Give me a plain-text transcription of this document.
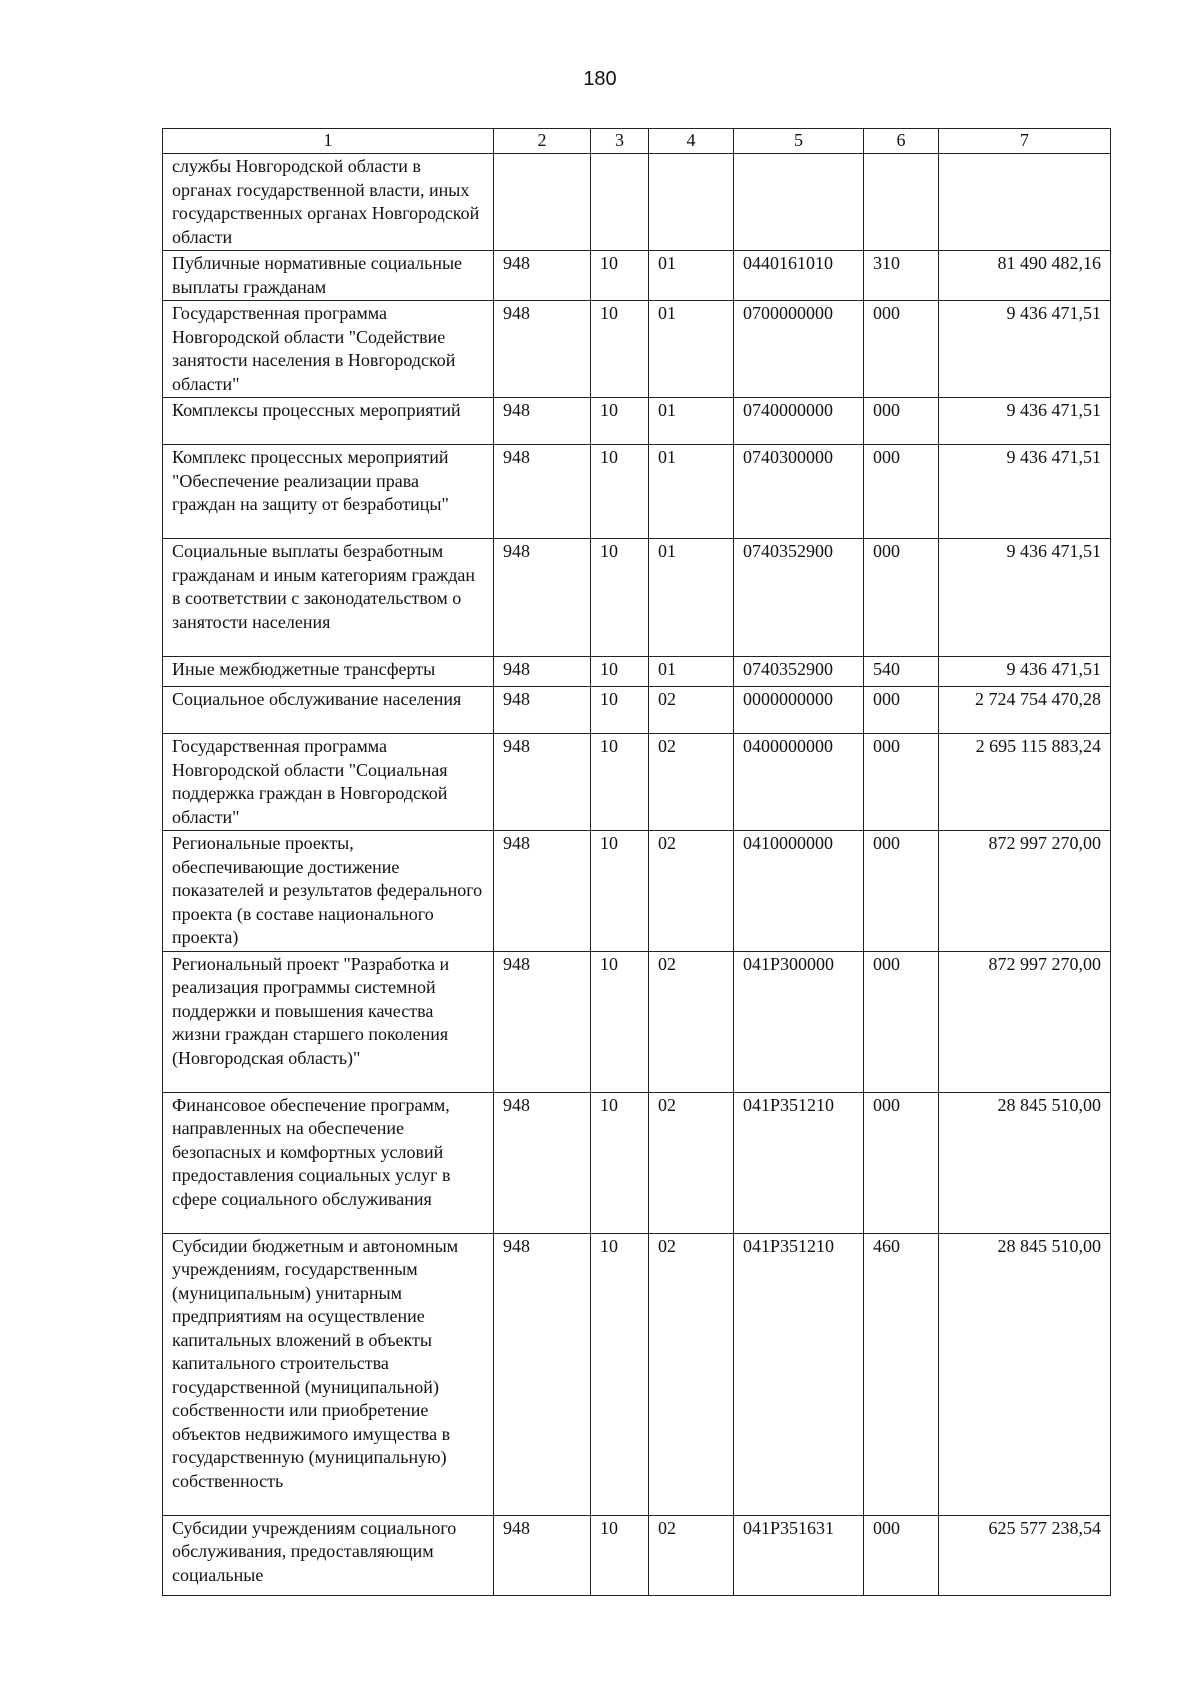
180
1	2	3	4	5	6	7
службы Новгородской области в органах государственной власти, иных государственных органах Новгородской области						
Публичные нормативные социальные выплаты гражданам	948	10	01	0440161010	310	81 490 482,16
Государственная программа Новгородской области "Содействие занятости населения в Новгородской области"	948	10	01	0700000000	000	9 436 471,51
Комплексы процессных мероприятий	948	10	01	0740000000	000	9 436 471,51
Комплекс процессных мероприятий "Обеспечение реализации права граждан на защиту от безработицы"	948	10	01	0740300000	000	9 436 471,51
Социальные выплаты безработным гражданам и иным категориям граждан в соответствии с законодательством о занятости населения	948	10	01	0740352900	000	9 436 471,51
Иные межбюджетные трансферты	948	10	01	0740352900	540	9 436 471,51
Социальное обслуживание населения	948	10	02	0000000000	000	2 724 754 470,28
Государственная программа Новгородской области "Социальная поддержка граждан в Новгородской области"	948	10	02	0400000000	000	2 695 115 883,24
Региональные проекты, обеспечивающие достижение показателей и результатов федерального проекта (в составе национального проекта)	948	10	02	0410000000	000	872 997 270,00
Региональный проект "Разработка и реализация программы системной поддержки и повышения качества жизни граждан старшего поколения (Новгородская область)"	948	10	02	041Р300000	000	872 997 270,00
Финансовое обеспечение программ, направленных на обеспечение безопасных и комфортных условий предоставления социальных услуг в сфере социального обслуживания	948	10	02	041Р351210	000	28 845 510,00
Субсидии бюджетным и автономным учреждениям, государственным (муниципальным) унитарным предприятиям на осуществление капитальных вложений в объекты капитального строительства государственной (муниципальной) собственности или приобретение объектов недвижимого имущества в государственную (муниципальную) собственность	948	10	02	041Р351210	460	28 845 510,00
Субсидии учреждениям социального обслуживания, предоставляющим социальные	948	10	02	041Р351631	000	625 577 238,54
